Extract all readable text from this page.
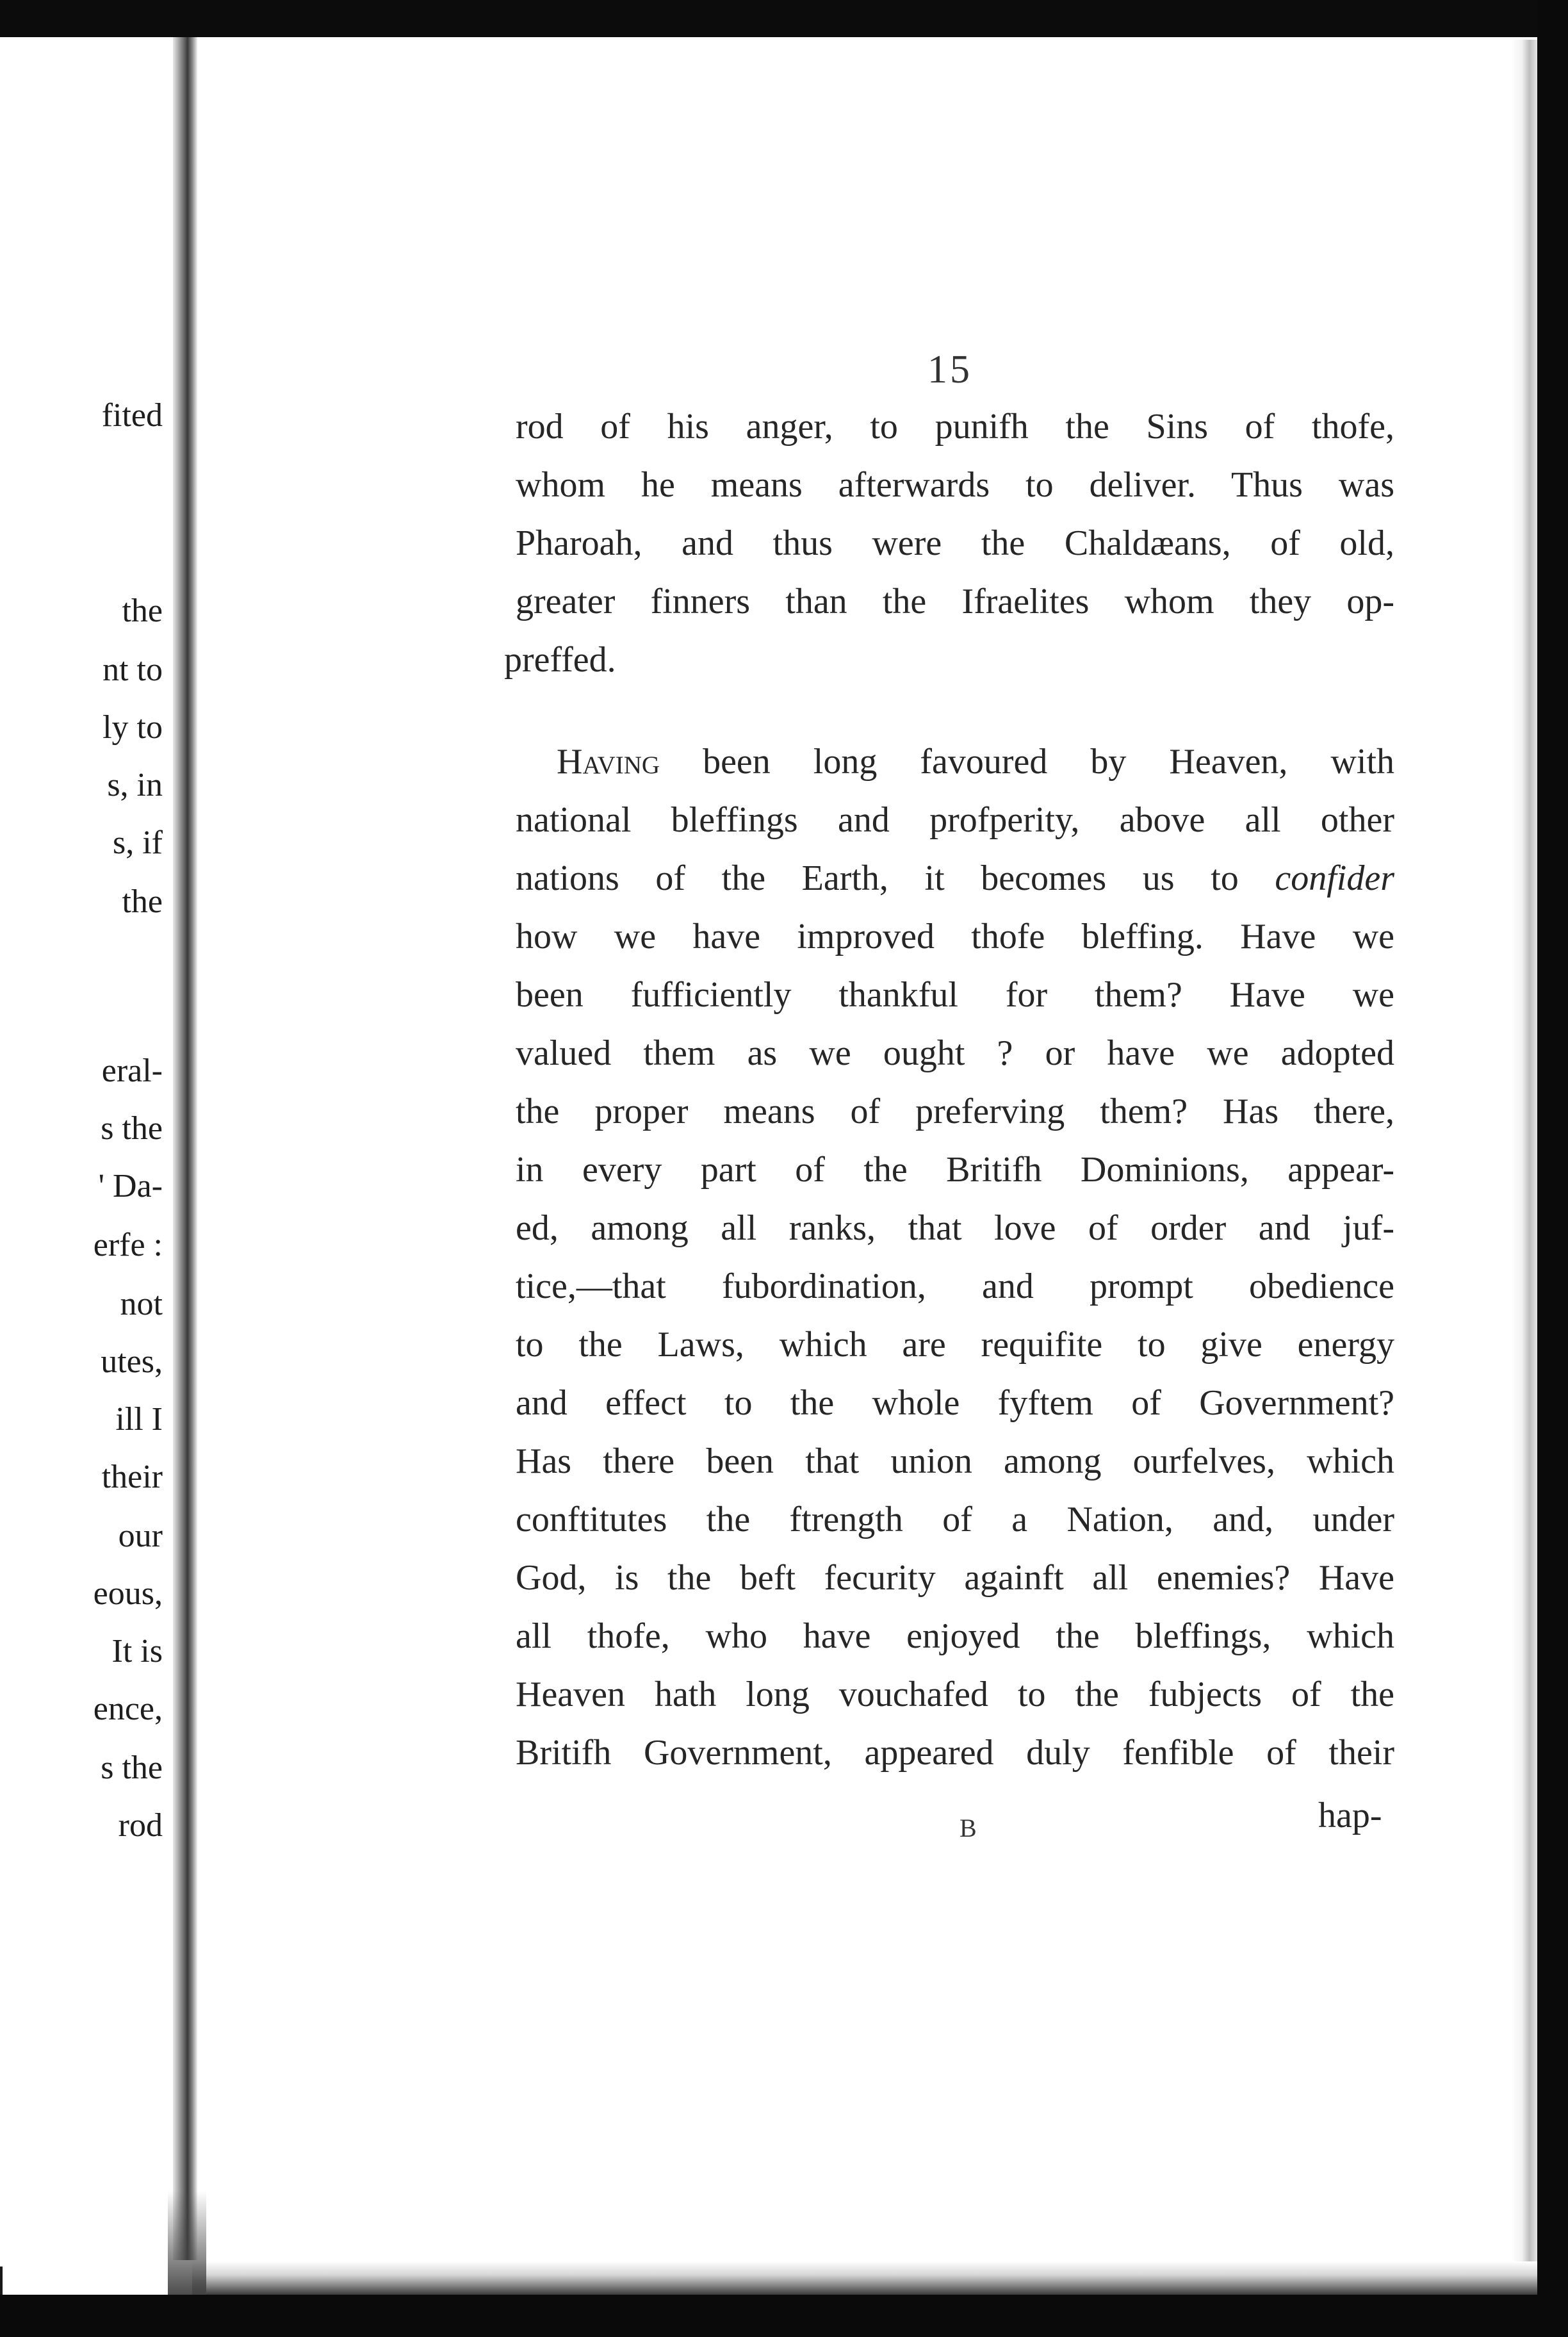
fited
the
nt to
ly to
s, in
s, if
the
eral-
s the
' Da-
erfe :
not
utes,
ill I
their
our
eous,
It is
ence,
s the
rod
15
rod of his anger, to punifh the Sins of thofe,
whom he means afterwards to deliver. Thus was
Pharoah, and thus were the Chaldæans, of old,
greater finners than the Ifraelites whom they op-
preffed.
Having been long favoured by Heaven, with
national bleffings and profperity, above all other
nations of the Earth, it becomes us to confider
how we have improved thofe bleffing. Have we
been fufficiently thankful for them? Have we
valued them as we ought ? or have we adopted
the proper means of preferving them? Has there,
in every part of the Britifh Dominions, appear-
ed, among all ranks, that love of order and juf-
tice,—that fubordination, and prompt obedience
to the Laws, which are requifite to give energy
and effect to the whole fyftem of Government?
Has there been that union among ourfelves, which
conftitutes the ftrength of a Nation, and, under
God, is the beft fecurity againft all enemies? Have
all thofe, who have enjoyed the bleffings, which
Heaven hath long vouchafed to the fubjects of the
Britifh Government, appeared duly fenfible of their
B	hap-
